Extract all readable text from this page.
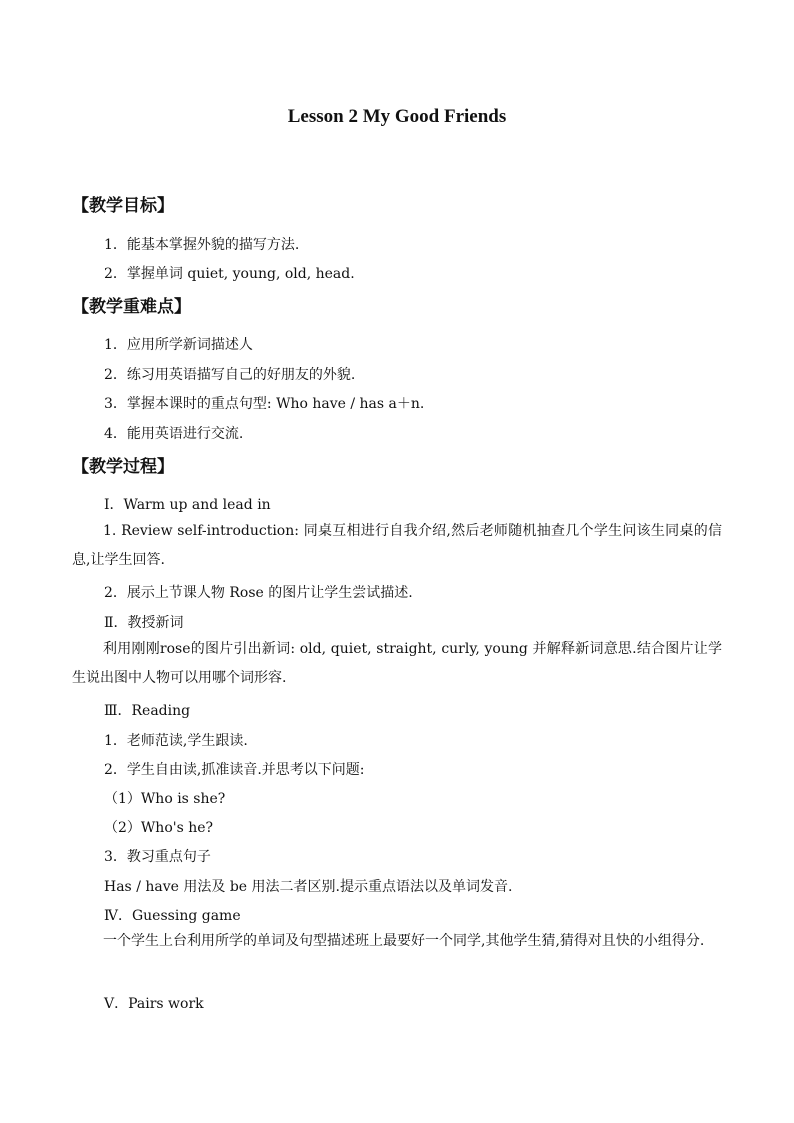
Lesson 2 My Good Friends
【教学目标】
1．能基本掌握外貌的描写方法.
2．掌握单词 quiet, young, old, head.
【教学重难点】
1．应用所学新词描述人
2．练习用英语描写自己的好朋友的外貌.
3．掌握本课时的重点句型: Who have / has a＋n.
4．能用英语进行交流.
【教学过程】
Ⅰ．Warm up and lead in
1. Review self-introduction: 同桌互相进行自我介绍,然后老师随机抽查几个学生问该生同桌的信息,让学生回答.
2．展示上节课人物 Rose 的图片让学生尝试描述.
Ⅱ．教授新词
利用刚刚rose的图片引出新词: old, quiet, straight, curly, young 并解释新词意思.结合图片让学生说出图中人物可以用哪个词形容.
Ⅲ．Reading
1．老师范读,学生跟读.
2．学生自由读,抓准读音.并思考以下问题:
（1）Who is she?
（2）Who's he?
3．教习重点句子
Has / have 用法及 be 用法二者区别.提示重点语法以及单词发音.
Ⅳ．Guessing game
一个学生上台利用所学的单词及句型描述班上最要好一个同学,其他学生猜,猜得对且快的小组得分.
Ⅴ．Pairs work
